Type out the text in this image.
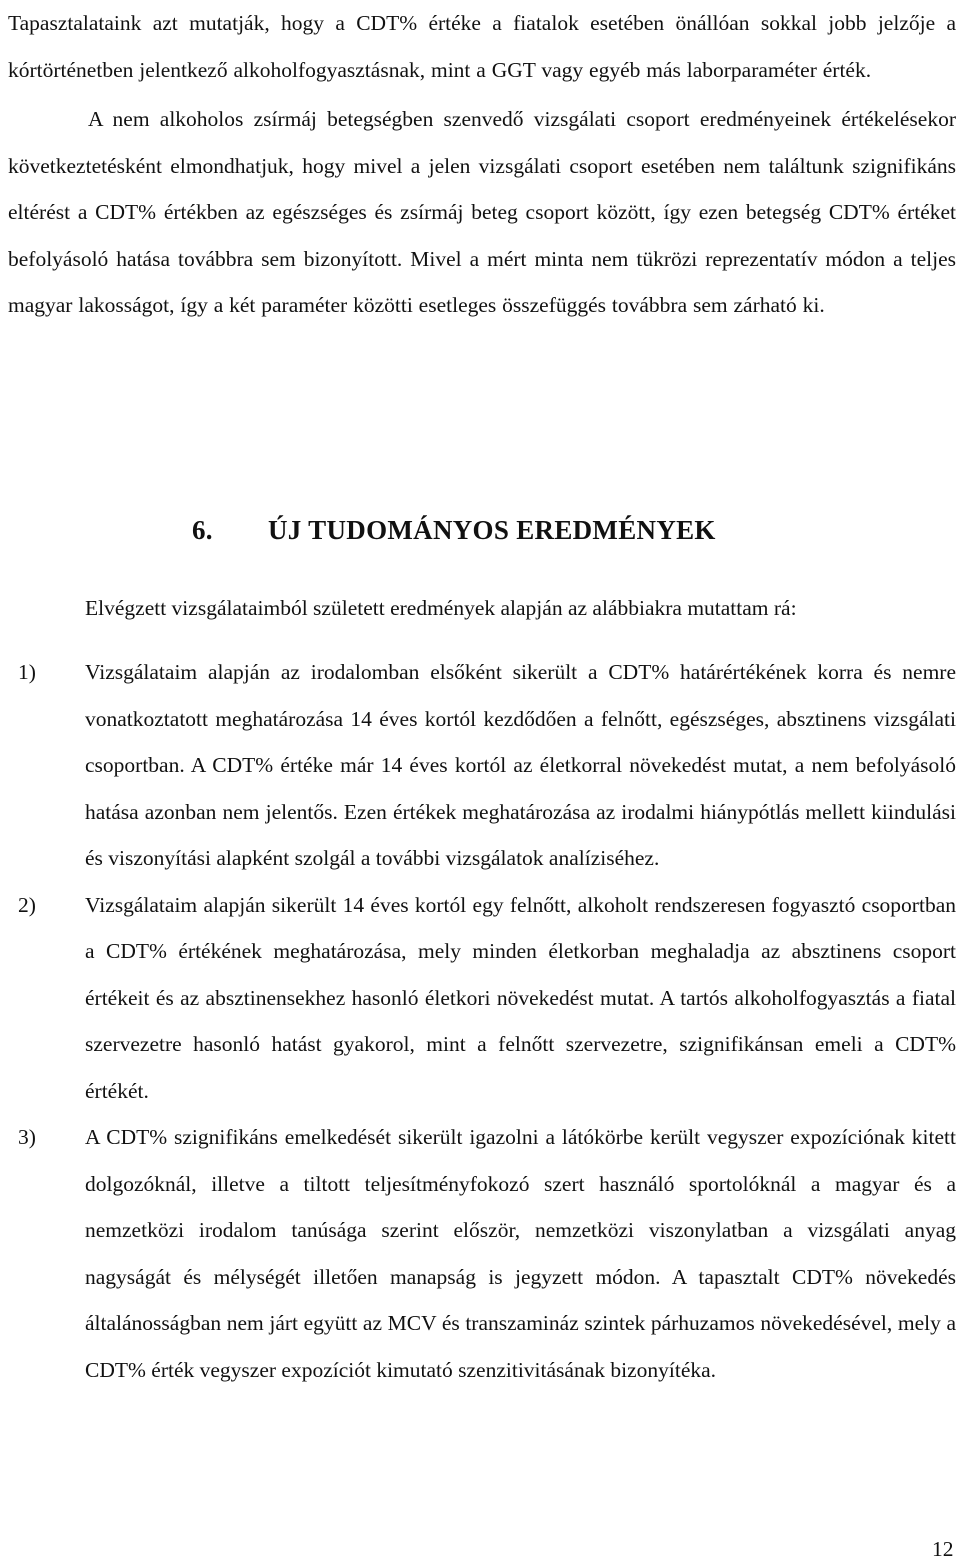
Tapasztalataink azt mutatják, hogy a CDT% értéke a fiatalok esetében önállóan sokkal jobb jelzője a kórtörténetben jelentkező alkoholfogyasztásnak, mint a GGT vagy egyéb más laborparaméter érték.

A nem alkoholos zsírmáj betegségben szenvedő vizsgálati csoport eredményeinek értékelésekor következtetésként elmondhatjuk, hogy mivel a jelen vizsgálati csoport esetében nem találtunk szignifikáns eltérést a CDT% értékben az egészséges és zsírmáj beteg csoport között, így ezen betegség CDT% értéket befolyásoló hatása továbbra sem bizonyított. Mivel a mért minta nem tükrözi reprezentatív módon a teljes magyar lakosságot, így a két paraméter közötti esetleges összefüggés továbbra sem zárható ki.

6. ÚJ TUDOMÁNYOS EREDMÉNYEK

Elvégzett vizsgálataimból született eredmények alapján az alábbiakra mutattam rá:

1) Vizsgálataim alapján az irodalomban elsőként sikerült a CDT% határértékének korra és nemre vonatkoztatott meghatározása 14 éves kortól kezdődően a felnőtt, egészséges, absztinens vizsgálati csoportban. A CDT% értéke már 14 éves kortól az életkorral növekedést mutat, a nem befolyásoló hatása azonban nem jelentős. Ezen értékek meghatározása az irodalmi hiánypótlás mellett kiindulási és viszonyítási alapként szolgál a további vizsgálatok analíziséhez.
2) Vizsgálataim alapján sikerült 14 éves kortól egy felnőtt, alkoholt rendszeresen fogyasztó csoportban a CDT% értékének meghatározása, mely minden életkorban meghaladja az absztinens csoport értékeit és az absztinensekhez hasonló életkori növekedést mutat. A tartós alkoholfogyasztás a fiatal szervezetre hasonló hatást gyakorol, mint a felnőtt szervezetre, szignifikánsan emeli a CDT% értékét.
3) A CDT% szignifikáns emelkedését sikerült igazolni a látókörbe került vegyszer expozíciónak kitett dolgozóknál, illetve a tiltott teljesítményfokozó szert használó sportolóknál a magyar és a nemzetközi irodalom tanúsága szerint először, nemzetközi viszonylatban a vizsgálati anyag nagyságát és mélységét illetően manapság is jegyzett módon. A tapasztalt CDT% növekedés általánosságban nem járt együtt az MCV és transzamináz szintek párhuzamos növekedésével, mely a CDT% érték vegyszer expozíciót kimutató szenzitivitásának bizonyítéka.
12
